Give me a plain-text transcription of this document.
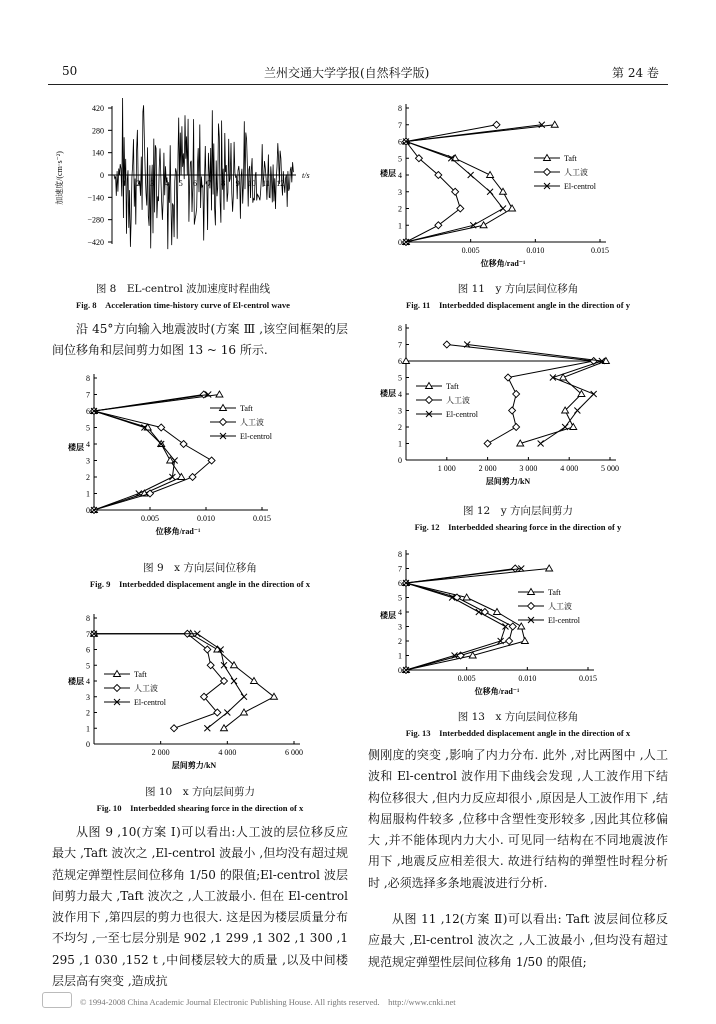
50	兰州交通大学学报(自然科学版)	第 24 卷
加速度/(cm·s⁻²)
420
280
140
0
−140
−280
−420
1 2 3 4 5 6 7 8 9 10 11 12
t/s
图 8　EL-centrol 波加速度时程曲线
Fig. 8　Acceleration time-history curve of El-centrol wave
沿 45°方向输入地震波时(方案 Ⅲ ,该空间框架的层间位移角和层间剪力如图 13 ~ 16 所示.
0
1
2
3
4
5
6
7
8
0.005	0.010	0.015
楼层
位移角/rad⁻¹
Taft
人工波
El-centrol
图 9　x 方向层间位移角
Fig. 9　Interbedded displacement angle in the direction of x
0
1
2
3
4
5
6
7
8
2 000	4 000	6 000
楼层
层间剪力/kN
Taft
人工波
El-centrol
图 10　x 方向层间剪力
Fig. 10　Interbedded shearing force in the direction of x
从图 9 ,10(方案 Ⅰ)可以看出:人工波的层位移反应最大 ,Taft 波次之 ,El-centrol 波最小 ,但均没有超过规范规定弹塑性层间位移角 1/50 的限值;El-centrol 波层间剪力最大 ,Taft 波次之 ,人工波最小. 但在 El-centrol 波作用下 ,第四层的剪力也很大. 这是因为楼层质量分布不均匀 ,一至七层分别是 902 ,1 299 ,1 302 ,1 300 ,1 295 ,1 030 ,152 t ,中间楼层较大的质量 ,以及中间楼层层高有突变 ,造成抗
0
1
2
3
4
5
6
7
8
0.005	0.010	0.015
楼层
位移角/rad⁻¹
Taft
人工波
El-centrol
图 11　y 方向层间位移角
Fig. 11　Interbedded displacement angle in the direction of y
0
1
2
3
4
5
6
7
8
1 000	2 000	3 000	4 000	5 000
楼层
层间剪力/kN
Taft
人工波
El-centrol
图 12　y 方向层间剪力
Fig. 12　Interbedded shearing force in the direction of y
0
1
2
3
4
5
6
7
8
0.005	0.010	0.015
楼层
位移角/rad⁻¹
Taft
人工波
El-centrol
图 13　x 方向层间位移角
Fig. 13　Interbedded displacement angle in the direction of x
侧刚度的突变 ,影响了内力分布. 此外 ,对比两图中 ,人工波和 El-centrol 波作用下曲线会发现 ,人工波作用下结构位移很大 ,但内力反应却很小 ,原因是人工波作用下 ,结构屈服构件较多 ,位移中含塑性变形较多 ,因此其位移偏大 ,并不能体现内力大小. 可见同一结构在不同地震波作用下 ,地震反应相差很大. 故进行结构的弹塑性时程分析时 ,必须选择多条地震波进行分析.
从图 11 ,12(方案 Ⅱ)可以看出: Taft 波层间位移反应最大 ,El-centrol 波次之 ,人工波最小 ,但均没有超过规范规定弹塑性层间位移角 1/50 的限值;
© 1994-2008 China Academic Journal Electronic Publishing House. All rights reserved.　http://www.cnki.net
